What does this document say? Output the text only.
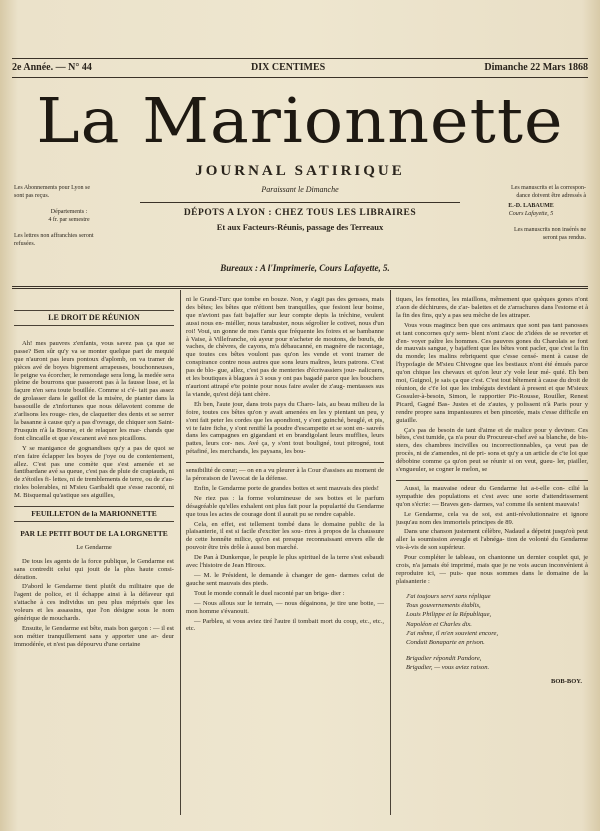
2e Année. — N° 44	DIX CENTIMES	Dimanche 22 Mars 1868
La Marionnette
JOURNAL SATIRIQUE
Paraissant le Dimanche
Les Abonnements pour Lyon se
sont pas reçus.
Départements :
4 fr. par semestre
Les lettres non affranchies seront
refusées.
Les manuscrits et la correspon-
dance doivent être adressés à
E.-D. LABAUME
Cours Lafayette, 5
Les manuscrits non insérés ne
seront pas rendus.
DÉPOTS A LYON : CHEZ TOUS LES LIBRAIRES
Et aux Facteurs-Réunis, passage des Terreaux
Bureaux : A l'Imprimerie, Cours Lafayette, 5.
LE DROIT DE RÉUNION

Ah! mes pauvres z'enfants, vous savez pas ça que se passe? Ben sûr qu'y va se monter quelque part de mequié que n'auront pas leurs pontoux d'aplomb, on va tramer de pièces avé de boyes bigrement arrapeuses, bouchonneuses, le peigne va écorcher, le remondage sera long, la medée sera pleine de bourrons que passeront pas à la fausse lisse, et la façure n'en sera toute bouillée. Comme si c'é- tait pas assez de grolasser dans le gaillot de la misère, de pianter dans la bassouille de z'infortunes que nous délavotent comme de z'arlisons les rouge- ries, de claquetter des dents et se serrer la basanne à cause qu'y a pas d'ovrage, de chiquer son Saint- Frusquin n'à la Bourse, et de relaquer les mar- chands que font clincaille et que s'escanent avé nos picaillons.

Y se manigance de gognandises qu'y a pas de quoi se n'en faire éclapper les boyes de j'oye ou de contentement, allez. C'est pas une comète que s'est amenée et se fantibardane avé sa queue, c'est pas de pluie de crapiauds, ni de z'étoiles fi- lettes, ni de tremblements de terre, ou de z'au- rioles bolerables, ni M'sieu Garibaldi que s'esse raconté, ni M. Bisquemal qu'astique ses aiguilles,

FEUILLETON de la MARIONNETTE
PAR LE PETIT BOUT DE LA LORGNETTE
Le Gendarme

De tous les agents de la force publique, le Gendarme est sans contredit celui qui jouit de la plus haute consi- dération.

D'abord le Gendarme tient plutôt du militaire que de l'agent de police, et il échappe ainsi à la défaveur qui s'attache à ces individus un peu plus méprisés que les voleurs et les assassins, que l'on désigne sous le nom générique de mouchards.

Ensuite, le Gendarme est bête, mais bon garçon : — il est son métier tranquillement sans y apporter une ar- deur immodérée, et n'est pas dépourvu d'une certaine

ni le Grand-Turc que tombe en bouze. Non, y s'agit pas des gensses, mais des bêtes; les bêtes que n'étiont ben tranquilles, que fesiont leur boime, que n'aviont pas fait bajaffer sur leur compte depis la tréchine, veulent aussi nous en- miéller, nous tarabuster, nous ségrolier le cotivet, nous d'un roi! Voui, un gonne de mes t'amis que fréquente les foires et se bambanne à Vaise, à Villefranche, où ayeur pour n'acheter de moutons, de bœufs, de vaches, de chèvres, de cayons, m'a débaucanné, en magnère de racontage, que toutes ces bêtes voulont pas qu'on les vende et vont tramer de conspirance contre nous autres que sons leurs maîtres, leurs patrons. C'est pas de blo- gue, allez, c'est pas de menteries d'écrivassiers jour- nalicuers, et les boutiques à blagues à 3 sous y ont pas bagadé parce que les bouchers n'auriont attrapé e'te pointe pour nous faire avaler de z'aug- mentasses sus la viande, qu'est déjà tant chère.

Eh ben, l'aute jour, dans trois pays du Charo- lais, au beau milieu de la foire, toutes ces bêtes qu'on y avait amenées en les y pientant un peu, y s'ont fait peter les cordes que les apondiont, y s'ont guinché, beuglé, et pis, vi te faire fiche, y s'ont renifié la poudre d'escampette et se sont en- sauvés dans les campagnes en gigandant et en brandigolant leurs mufflies, leurs pattes, leurs cor- nes. Avé ça, y s'ont tout bouligné, tout pitrogné, tout pétafiné, les merchands, les paysans, les bou-

sensibilité de cœur; — on en a vu pleurer à la Cour d'assises au moment de la péroraison de l'avocat de la défense.

Enfin, le Gendarme porte de grandes bottes et sent mauvais des pieds!

Ne riez pas : la forme volumineuse de ses bottes et le parfum désagréable qu'elles exhalent ont plus fait pour la popularité du Gendarme que tous les actes de courage dont il aurait pu se rendre capable.

Cela, en effet, est tellement tombé dans le domaine public de la plaisanterie, il est si facile d'exciter les sou- rires à propos de la chaussure de cette honnête milice, qu'on est presque reconnaissant envers elle de pouvoir être très drôle à aussi bon marché.

De Pan à Dunkerque, le peuple le plus spirituel de la terre s'est esbaudi avec l'histoire de Jean Hiroux.

— M. le Président, le demande à changer de gen- darmes celui de gauche sent mauvais des pieds.

Tout le monde connaît le duel raconté par un briga- dier :

— Nous allous sur le terrain, — nous dégainons, je tire une botte, — mon homme s'évanouit.

— Parbleu, si vous aviez tiré l'autre il tombait mort du coup, etc., etc., etc.

tiques, les femottes, les miaillons, mêmement que quèques gones n'ont z'aon de déchirures, de z'ar- balettes et de z'arrachures dans l'estome et à la fin des fins, qu'y a pas seu mèche de les attraper.

Vous vous magincz ben que ces animaux que sont pas tant panosses et tant concornes qu'y sem- blent n'ont z'aoc de z'idées de se revorter et d'en- voyer paître les hommes. Ces pauvres gones du Charolais se font de mauvais sangue, y bajaffent que les bêtes vont pacler, que c'est la fin du monde; les malins rebriquent que c'esse censé- ment à cause de l'hypofagie de M'sieu Chivogne que les bestiaux n'ont été émués parce qu'on chique les chevaux et qu'on leur z'y vole leur mé- quié. Eh ben moi, Guignol, je sais ça que c'est. C'est tout bêtement à cause du droit de réunion, de c't'e loi que les imbéguts devidant à present et que M'sieux Gossuler-à-besoin, Simon, le rapportier Pic-Rousse, Rouiller, Renest Picard, Gagné Bas- Justes et de z'autes, y polissent n'à Paris pour y rendre propre sans impanissures et ben pincetée, mais c'esse difficile en guiaille.

Ça's pas de besoin de tant d'aime et de malice pour y deviner. Ces bêtes, c'est tumide, ça n'a pour du Procureur-chef avé sa blanche, de bis- sters, des chambres incivilles ou incorrectionnables, ça veut pas de procès, ni de z'amendes, ni de pri- sons et qu'y a un article de c'te loi que débobine comme ça qu'on peut se réunir si on veut, gueu- ler, piailler, s'engueuler, se cogner le melon, se

Aussi, la mauvaise odeur du Gendarme lui a-t-elle con- cilié la sympathie des populations et c'est avec une sorte d'attendrissement qu'on s'écrie: — Braves gen- darmes, va! comme ils sentent mauvais!

Le Gendarme, cela va de soi, est anti-révolutionnaire et ignore jusqu'au nom des immortels principes de 89.

Dans une chanson justement célèbre, Nadaud a dépeint jusqu'où peut aller la soumission aveugle et l'abnéga- tion de volonté du Gendarme vis-à-vis de son supérieur.

Pour compléter le tableau, on chantonne un dernier couplet qui, je crois, n'a jamais été imprimé, mais que je ne vois aucun inconvénient à reproduire ici, — puis- que nous sommes dans le domaine de la plaisanterie :

J'ai toujours servi sans réplique
Tous gouvernements établis,
Louis Philippe et la République,
Napoléon et Charles dix.
J'ai même, il m'en souvient encore,
Conduit Bonaparte en prison.
Brigadier répondit Pandore,
Brigadier, — vous aviez raison.
BOB-BOY.
